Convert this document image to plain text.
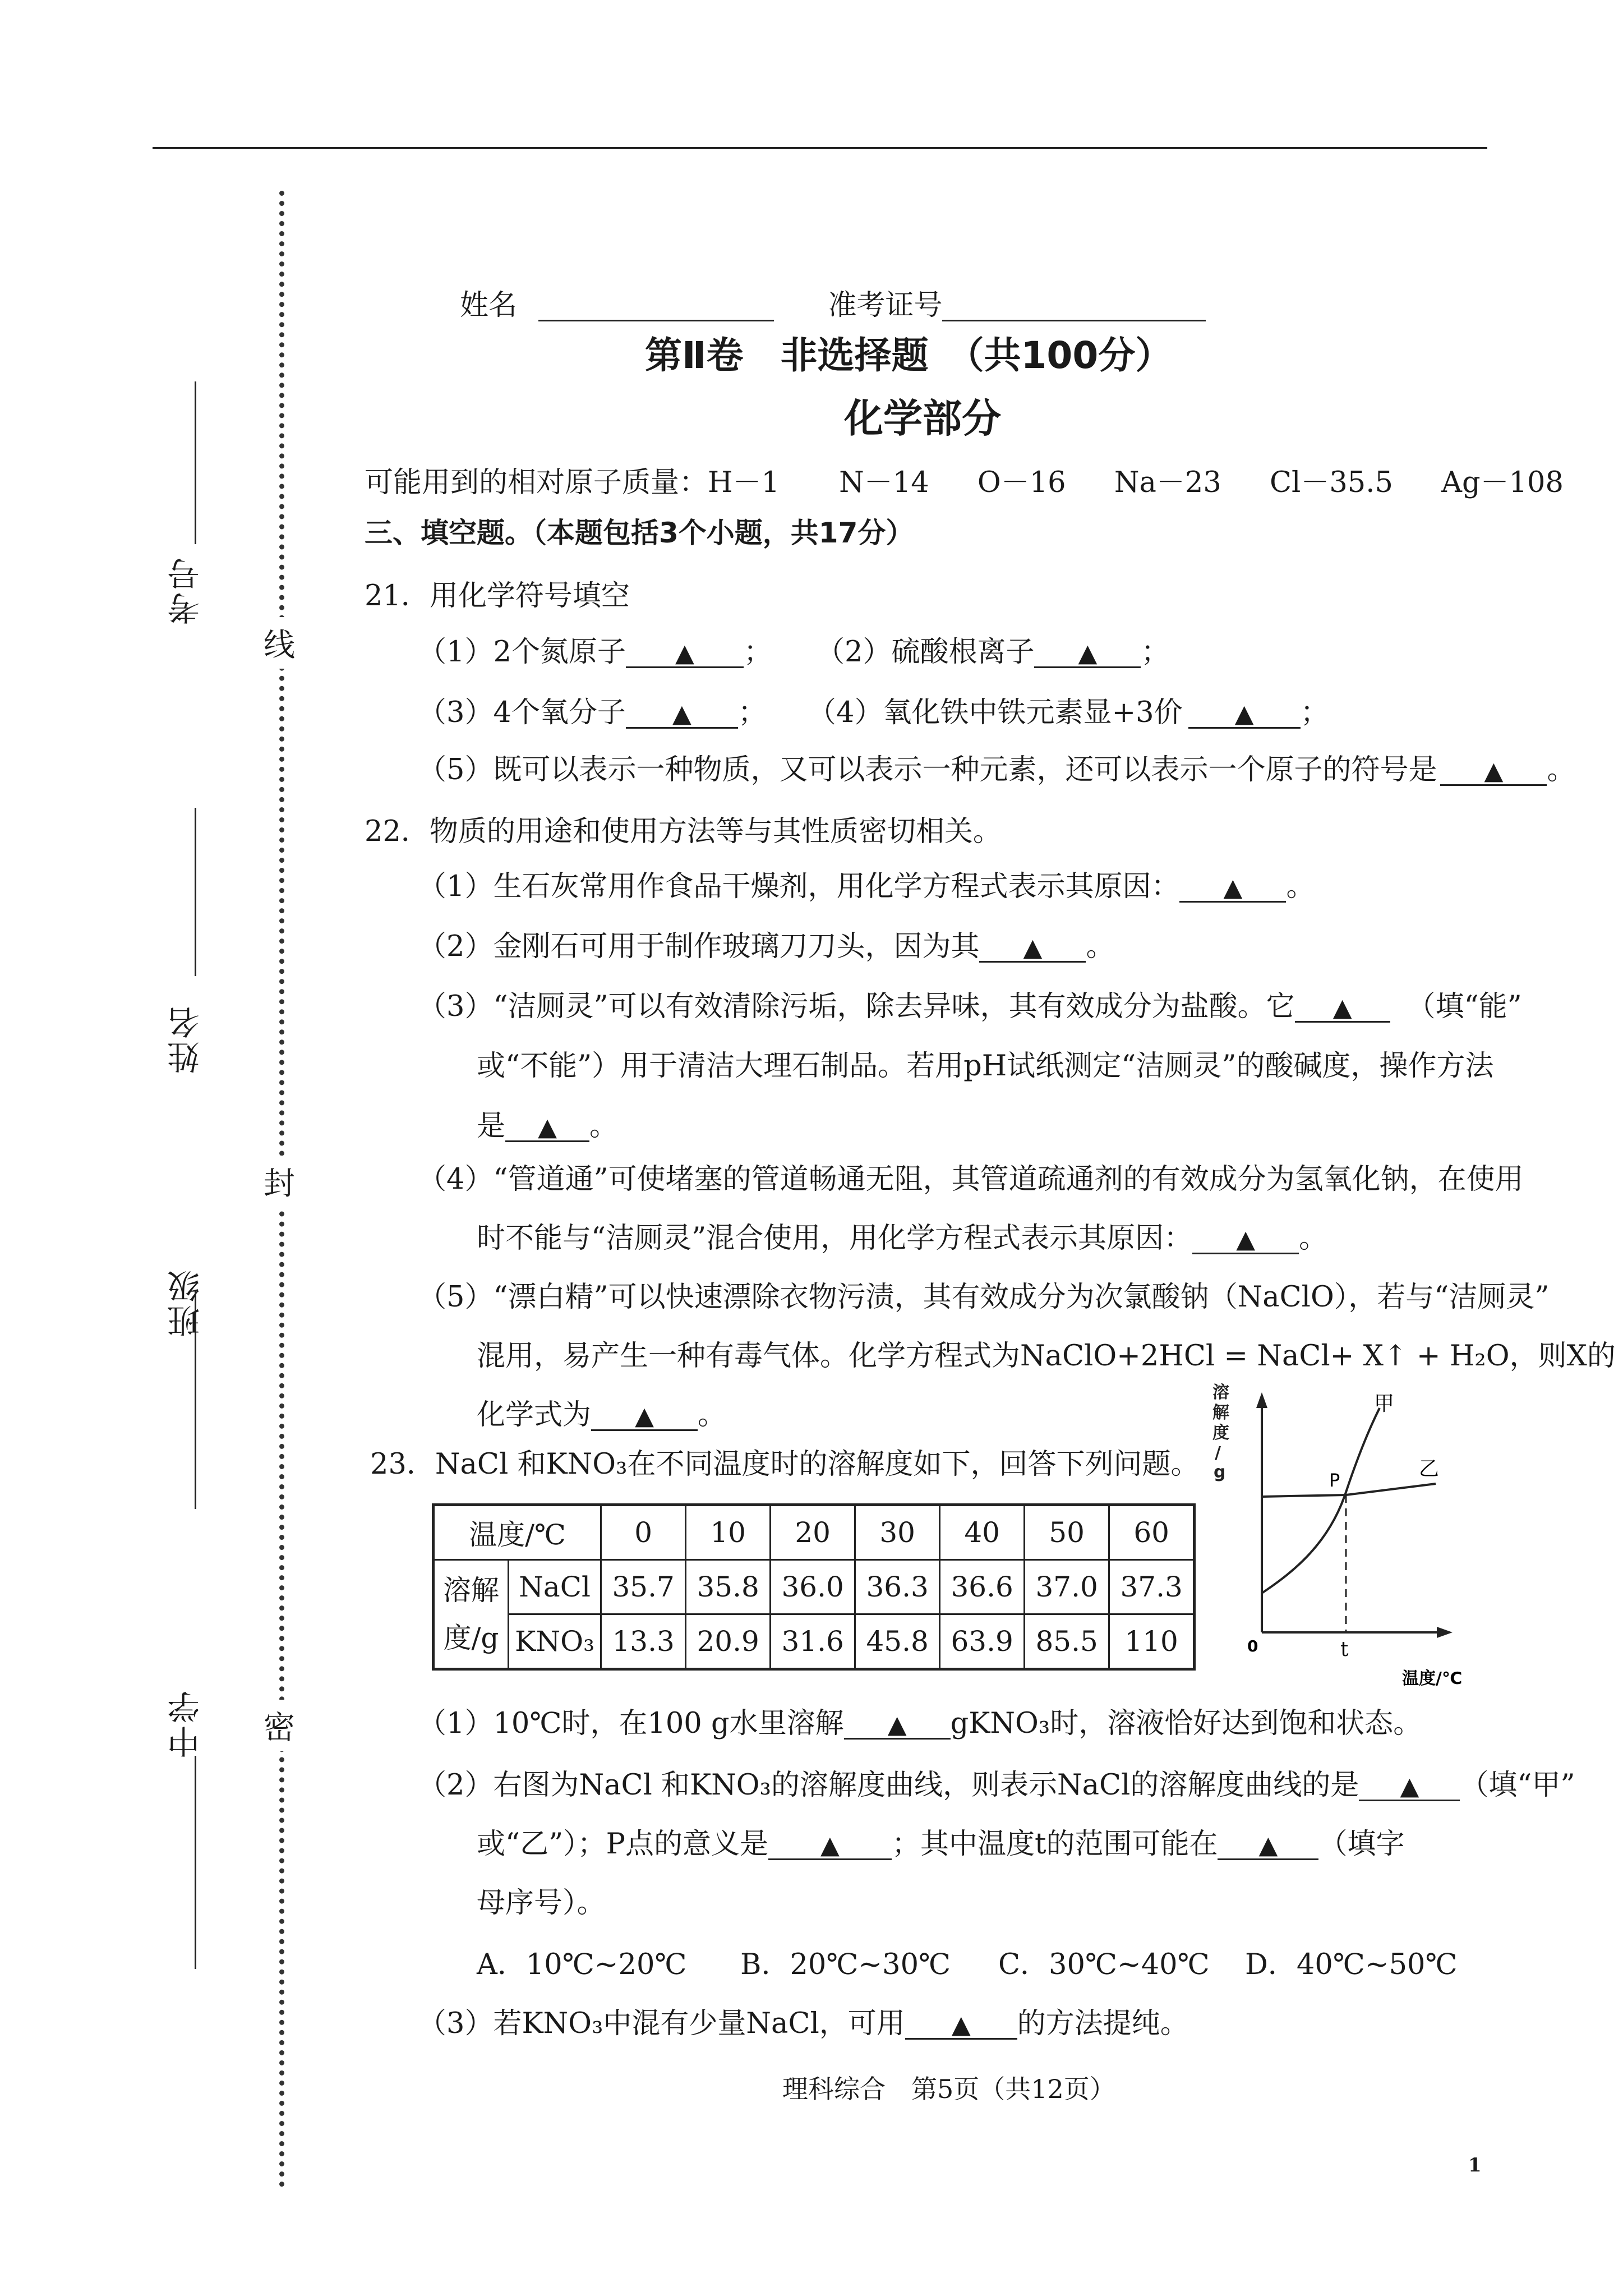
线
封
密
考号
姓名
班级
中学
姓名	准考证号
第Ⅱ卷　非选择题　（共100分）
化学部分
可能用到的相对原子质量：H－1 N－14 O－16 Na－23 Cl－35.5 Ag－108
三、填空题。（本题包括3个小题，共17分）
21．用化学符号填空
（1）2个氮原子 ▲ ； （2）硫酸根离子 ▲ ；
（3）4个氧分子 ▲ ； （4）氧化铁中铁元素显+3价 ▲ ；
（5）既可以表示一种物质，又可以表示一种元素，还可以表示一个原子的符号是 ▲ 。
22．物质的用途和使用方法等与其性质密切相关。
（1）生石灰常用作食品干燥剂，用化学方程式表示其原因： ▲ 。
（2）金刚石可用于制作玻璃刀刀头，因为其 ▲ 。
（3）“洁厕灵”可以有效清除污垢，除去异味，其有效成分为盐酸。它 ▲ （填“能”
或“不能”）用于清洁大理石制品。若用pH试纸测定“洁厕灵”的酸碱度，操作方法
是 ▲ 。
（4）“管道通”可使堵塞的管道畅通无阻，其管道疏通剂的有效成分为氢氧化钠，在使用
时不能与“洁厕灵”混合使用，用化学方程式表示其原因： ▲ 。
（5）“漂白精”可以快速漂除衣物污渍，其有效成分为次氯酸钠（NaClO），若与“洁厕灵”
混用，易产生一种有毒气体。化学方程式为NaClO+2HCl = NaCl+ X↑ + H₂O，则X的
化学式为 ▲ 。
23．NaCl 和KNO₃在不同温度时的溶解度如下，回答下列问题。
温度/℃		0	10	20	30	40	50	60

溶解
度/g	NaCl	35.7	35.8	36.0	36.3	36.6	37.0	37.3
	KNO₃	13.3	20.9	31.6	45.8	63.9	85.5	110
溶
解
度
/
g	P
甲
乙
0	t
温度/℃
（1）10℃时，在100 g水里溶解 ▲ gKNO₃时，溶液恰好达到饱和状态。
（2）右图为NaCl 和KNO₃的溶解度曲线，则表示NaCl的溶解度曲线的是 ▲ （填“甲”
或“乙”）；P点的意义是 ▲ ；其中温度t的范围可能在 ▲ （填字
母序号）。
A．10℃~20℃ B．20℃~30℃ C．30℃~40℃ D．40℃~50℃
（3）若KNO₃中混有少量NaCl，可用 ▲ 的方法提纯。
理科综合　第5页（共12页）
1
